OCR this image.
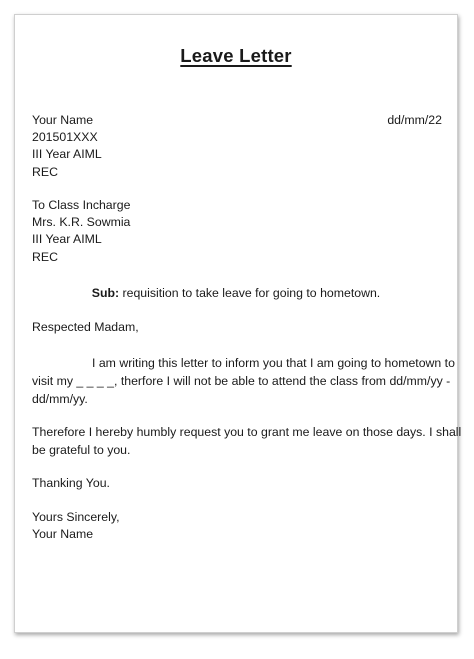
Leave Letter
Your Name
201501XXX
III Year AIML
REC
dd/mm/22
To Class Incharge
Mrs. K.R. Sowmia
III Year AIML
REC
Sub: requisition to take leave for going to hometown.
Respected Madam,
I am writing this letter to inform you that I am going to hometown to
visit my _ _ _ _, therfore I will not be able to attend the class from dd/mm/yy -
dd/mm/yy.
Therefore I hereby humbly request you to grant me leave on those days. I shall
be grateful to you.
Thanking You.
Yours Sincerely,
Your Name
